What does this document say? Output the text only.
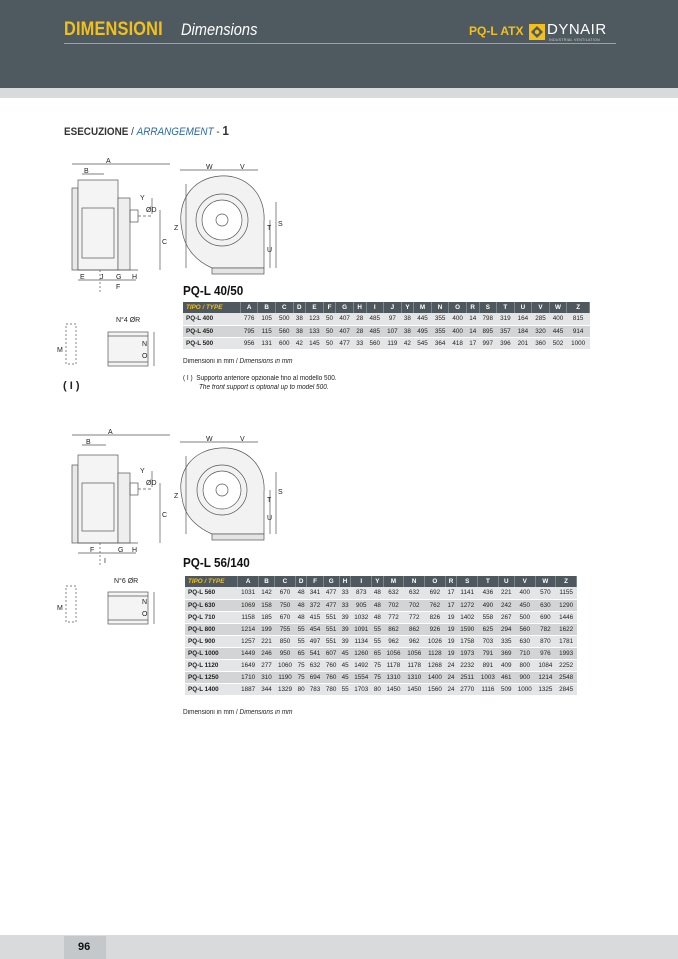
DIMENSIONI Dimensions	PQ-L ATX DYNAIR
INDUSTRIAL VENTILATION
ESECUZIONE / ARRANGEMENT - 1
A
B
C
Y
ØD
E J G H
F
W	V
Z
U
T
S
N°4 ØR
M
N
O
( I )
PQ-L 40/50
TIPO / TYPE	A	B	C	D	E	F	G	H	I	J	Y	M	N	O	R	S	T	U	V	W	Z
PQ-L 400	776	105	500	38	123	50	407	28	485	97	38	445	355	400	14	798	319	164	285	400	815
PQ-L 450	795	115	560	38	133	50	407	28	485	107	38	495	355	400	14	895	357	184	320	445	914
PQ-L 500	956	131	600	42	145	50	477	33	560	119	42	545	364	418	17	997	396	201	360	502	1000
Dimensioni in mm / Dimensions in mm
( I ) Supporto anteriore opzionale fino al modello 500.
The front support is optional up to model 500.
A
B
C
Y
ØD
F	G H
I
W	V
Z
U
T
S
N°6 ØR
M
N
O
PQ-L 56/140
TIPO / TYPE	A	B	C	D	F	G	H	I	Y	M	N	O	R	S	T	U	V	W	Z
PQ-L 560	1031	142	670	48	341	477	33	873	48	632	632	692	17	1141	436	221	400	570	1155
PQ-L 630	1069	158	750	48	372	477	33	905	48	702	702	762	17	1272	490	242	450	630	1290
PQ-L 710	1158	185	670	48	415	551	39	1032	48	772	772	826	19	1402	558	267	500	690	1446
PQ-L 800	1214	199	755	55	454	551	39	1091	55	862	862	926	19	1590	625	294	560	782	1622
PQ-L 900	1257	221	850	55	497	551	39	1134	55	962	962	1026	19	1758	703	335	630	870	1781
PQ-L 1000	1449	246	950	65	541	607	45	1260	65	1056	1056	1128	19	1973	791	369	710	976	1993
PQ-L 1120	1649	277	1060	75	632	760	45	1492	75	1178	1178	1268	24	2232	891	409	800	1084	2252
PQ-L 1250	1710	310	1190	75	694	760	45	1554	75	1310	1310	1400	24	2511	1003	461	900	1214	2548
PQ-L 1400	1887	344	1329	80	783	780	55	1703	80	1450	1450	1560	24	2770	1116	509	1000	1325	2845
Dimensioni in mm / Dimensions in mm
96
